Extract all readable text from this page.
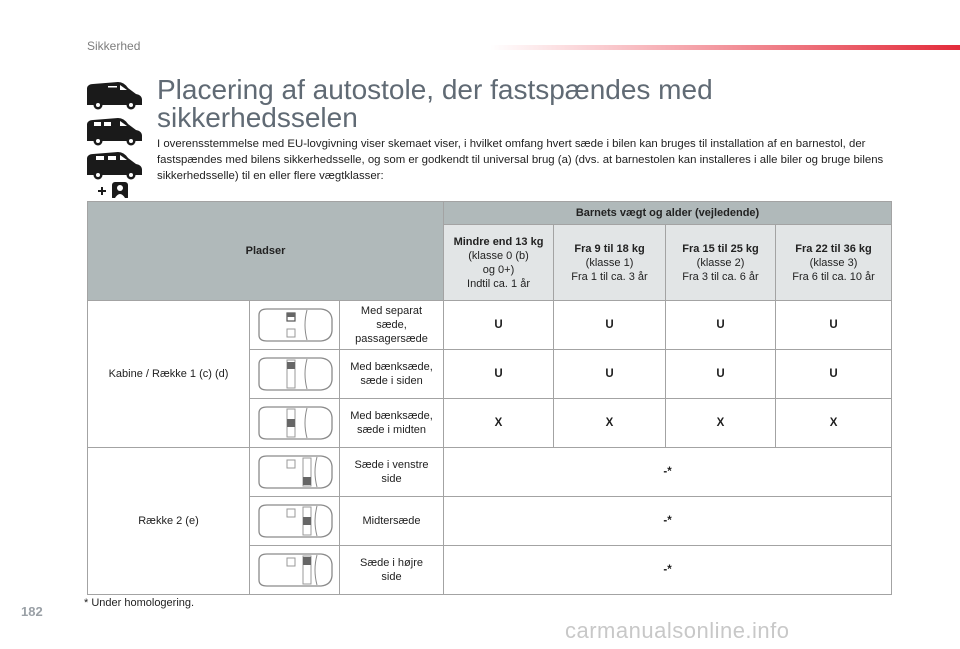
Sikkerhed
Placering af autostole, der fastspændes med sikkerhedsselen

I overensstemmelse med EU-lovgivning viser skemaet viser, i hvilket omfang hvert sæde i bilen kan bruges til installation af en barnestol, der fastspændes med bilens sikkerhedsselle, og som er godkendt til universal brug (a) (dvs. at barnestolen kan installeres i alle biler og bruge bilens sikkerhedsselle) til en eller flere vægtklasser:

Pladser			Barnets vægt og alder (vejledende)			

			Mindre end 13 kg
(klasse 0 (b)
og 0+)
Indtil ca. 1 år	Fra 9 til 18 kg
(klasse 1)
Fra 1 til ca. 3 år	Fra 15 til 25 kg
(klasse 2)
Fra 3 til ca. 6 år	Fra 22 til 36 kg
(klasse 3)
Fra 6 til ca. 10 år

Kabine / Række 1 (c) (d)		Med separat
sæde,
passagersæde	U	U	U	U

Med bænksæde,
sæde i siden	U	U	U	U

Med bænksæde,
sæde i midten	X	X	X	X
Række 2 (e)		Sæde i venstre
side	-*			

Midtersæde	-*			

Sæde i højre
side	-*			
* Under homologering.
182
carmanualsonline.info
